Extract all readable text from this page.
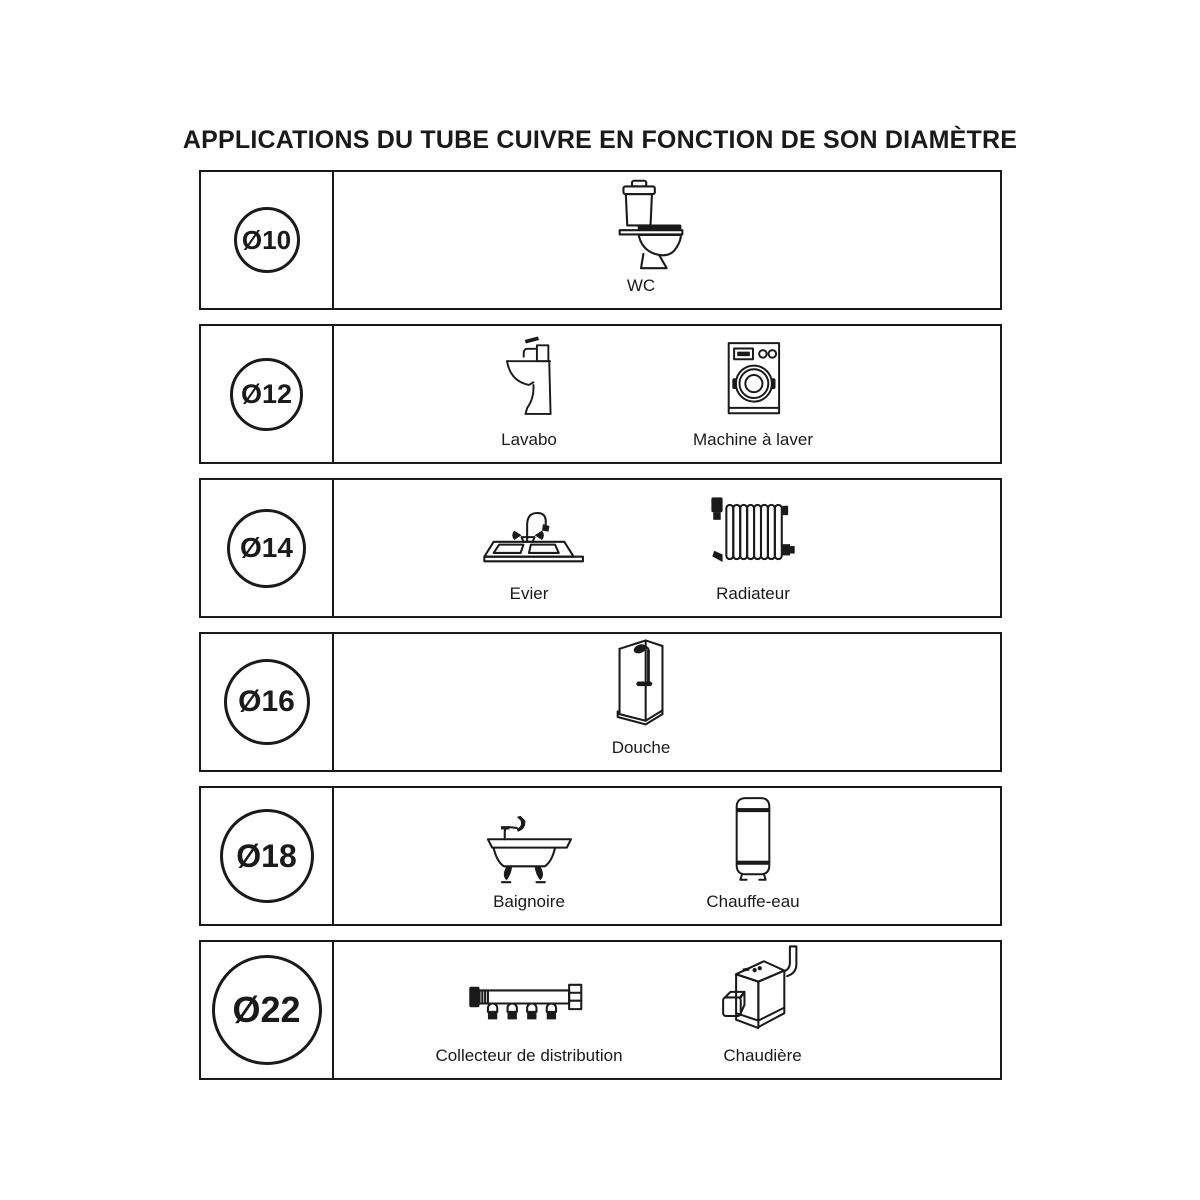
APPLICATIONS DU TUBE CUIVRE EN FONCTION DE SON DIAMÈTRE
Ø10
WC
Ø12
Lavabo	Machine à laver
Ø14
Evier	Radiateur
Ø16
Douche
Ø18
Baignoire	Chauffe-eau
Ø22
Collecteur de distribution	Chaudière
